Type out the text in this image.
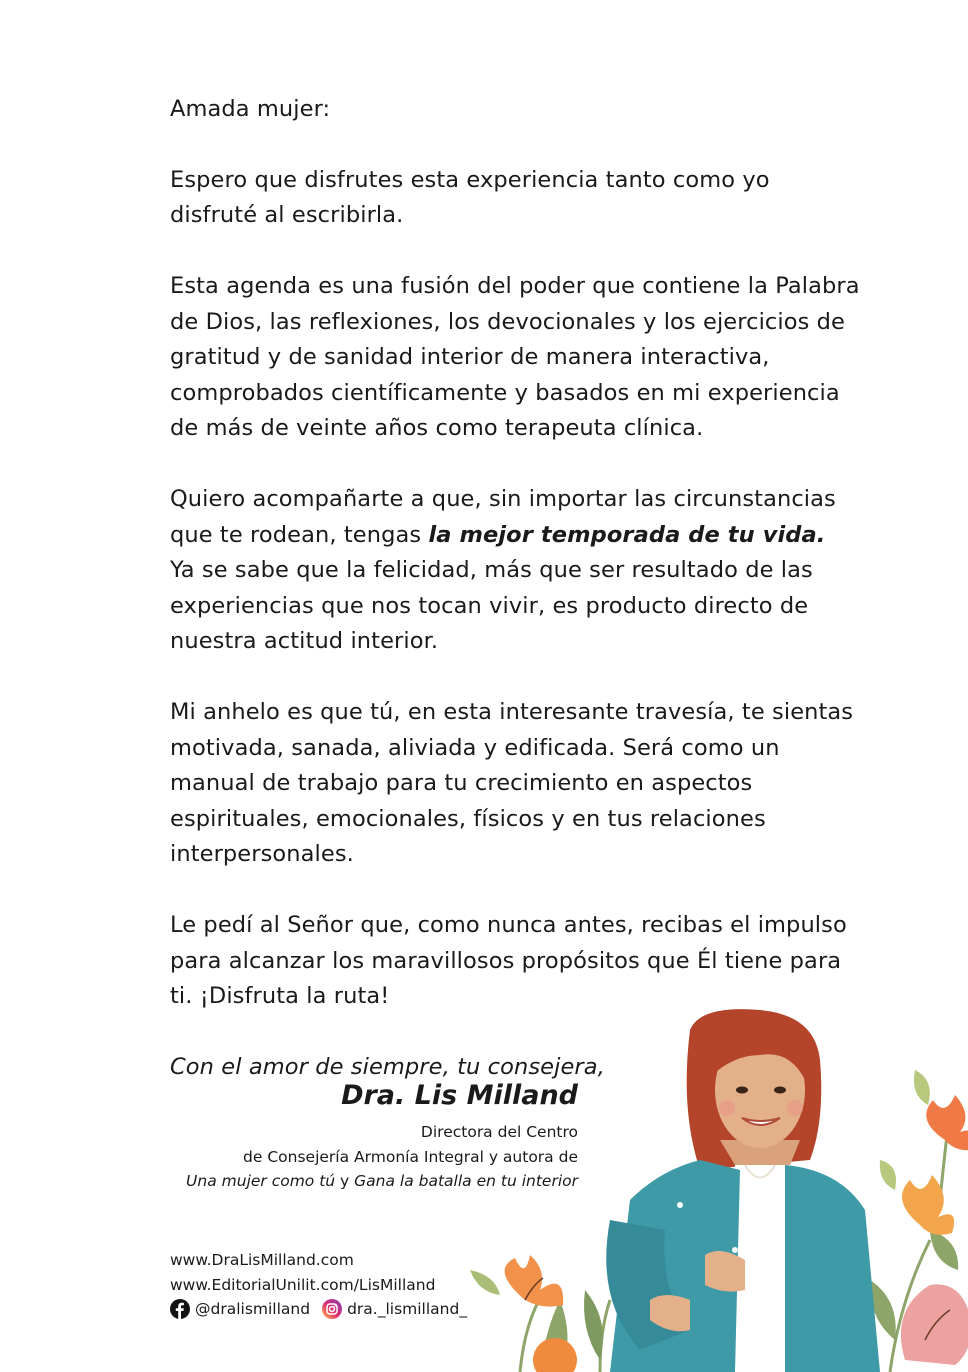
Amada mujer:

Espero que disfrutes esta experiencia tanto como yo disfruté al escribirla.

Esta agenda es una fusión del poder que contiene la Palabra de Dios, las reflexiones, los devocionales y los ejercicios de gratitud y de sanidad interior de manera interactiva, comprobados científicamente y basados en mi experiencia de más de veinte años como terapeuta clínica.

Quiero acompañarte a que, sin importar las circunstancias que te rodean, tengas la mejor temporada de tu vida.
Ya se sabe que la felicidad, más que ser resultado de las experiencias que nos tocan vivir, es producto directo de nuestra actitud interior.

Mi anhelo es que tú, en esta interesante travesía, te sientas motivada, sanada, aliviada y edificada. Será como un manual de trabajo para tu crecimiento en aspectos espirituales, emocionales, físicos y en tus relaciones interpersonales.

Le pedí al Señor que, como nunca antes, recibas el impulso para alcanzar los maravillosos propósitos que Él tiene para ti. ¡Disfruta la ruta!

Con el amor de siempre, tu consejera,

Dra. Lis Milland
Directora del Centro
de Consejería Armonía Integral y autora de
Una mujer como tú y Gana la batalla en tu interior
www.DraLisMilland.com
www.EditorialUnilit.com/LisMilland
@dralismilland dra._lismilland_
